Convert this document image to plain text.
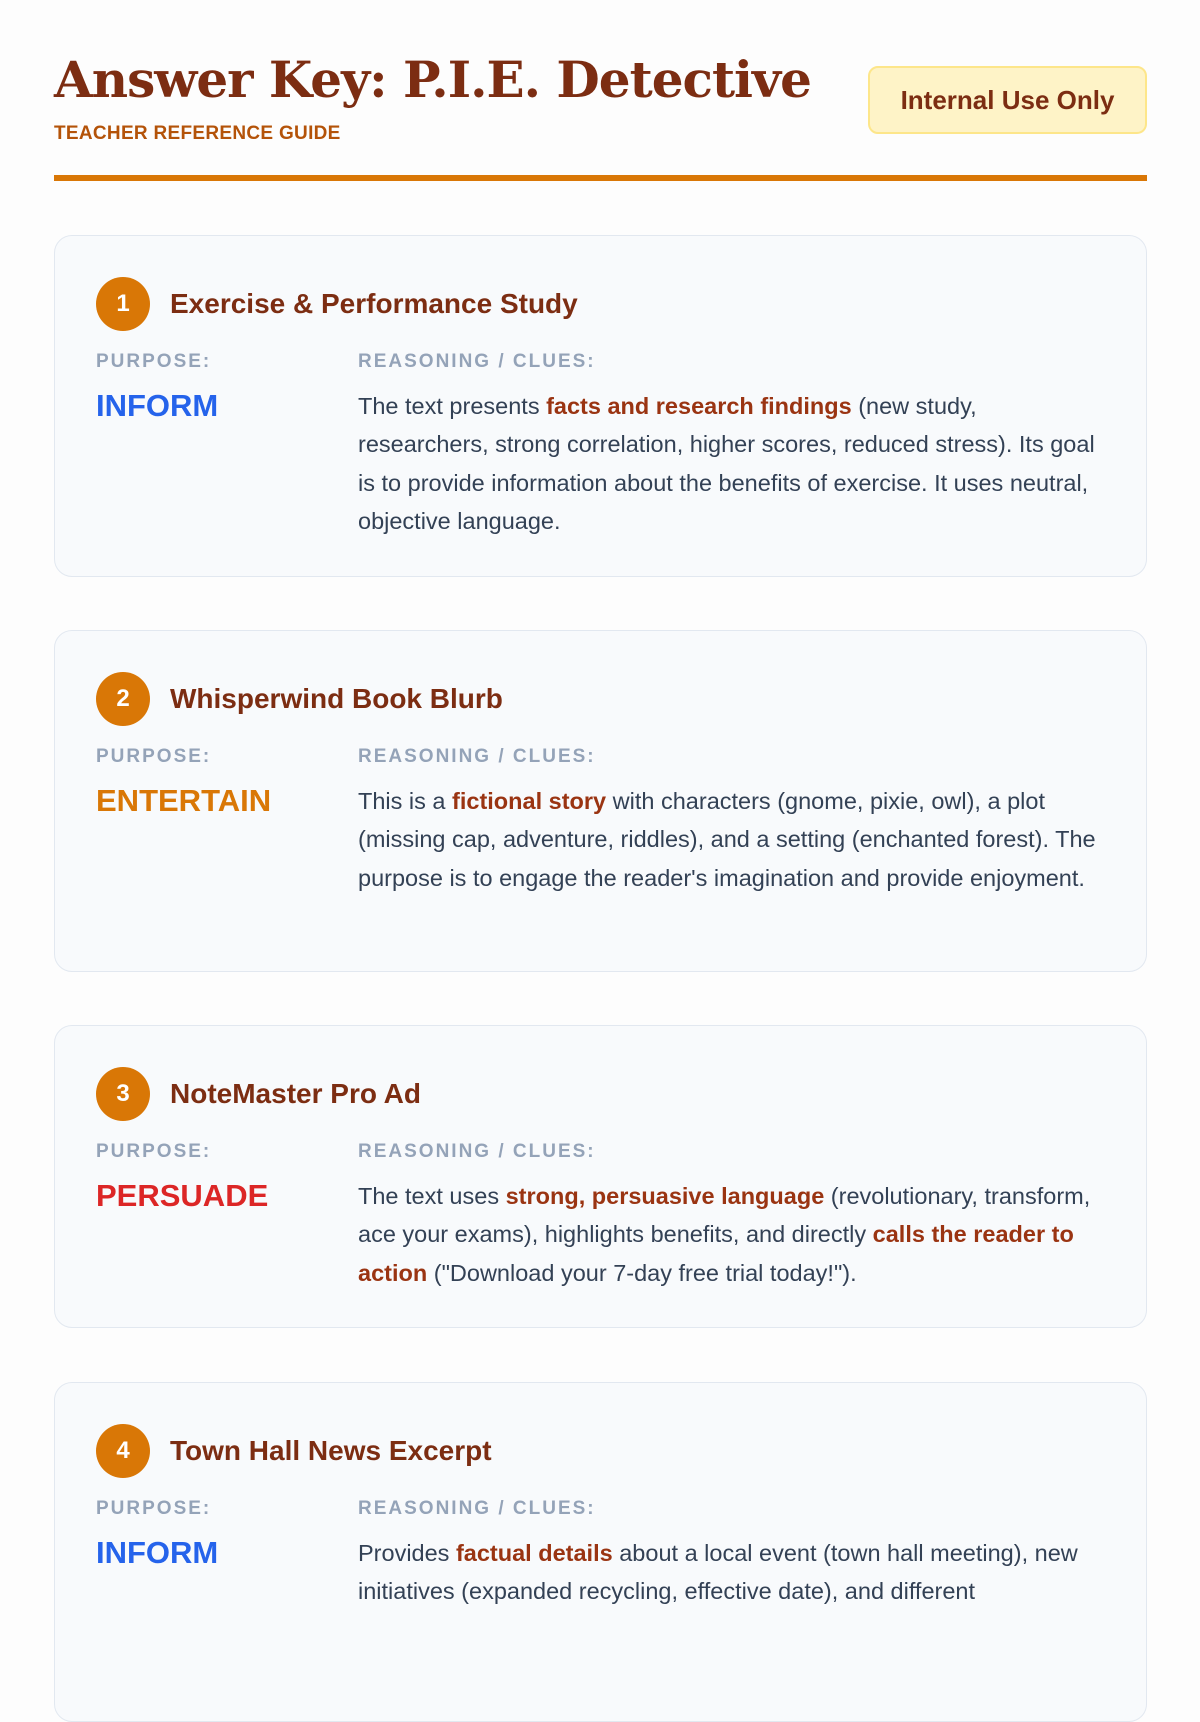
Answer Key: P.I.E. Detective
TEACHER REFERENCE GUIDE
Internal Use Only
1	Exercise & Performance Study
PURPOSE:	REASONING / CLUES:
INFORM	The text presents facts and research findings (new study, researchers, strong correlation, higher scores, reduced stress). Its goal is to provide information about the benefits of exercise. It uses neutral, objective language.
2	Whisperwind Book Blurb
PURPOSE:	REASONING / CLUES:
ENTERTAIN	This is a fictional story with characters (gnome, pixie, owl), a plot (missing cap, adventure, riddles), and a setting (enchanted forest). The purpose is to engage the reader's imagination and provide enjoyment.
3	NoteMaster Pro Ad
PURPOSE:	REASONING / CLUES:
PERSUADE	The text uses strong, persuasive language (revolutionary, transform, ace your exams), highlights benefits, and directly calls the reader to action ("Download your 7-day free trial today!").
4	Town Hall News Excerpt
PURPOSE:	REASONING / CLUES:
INFORM	Provides factual details about a local event (town hall meeting), new initiatives (expanded recycling, effective date), and different
